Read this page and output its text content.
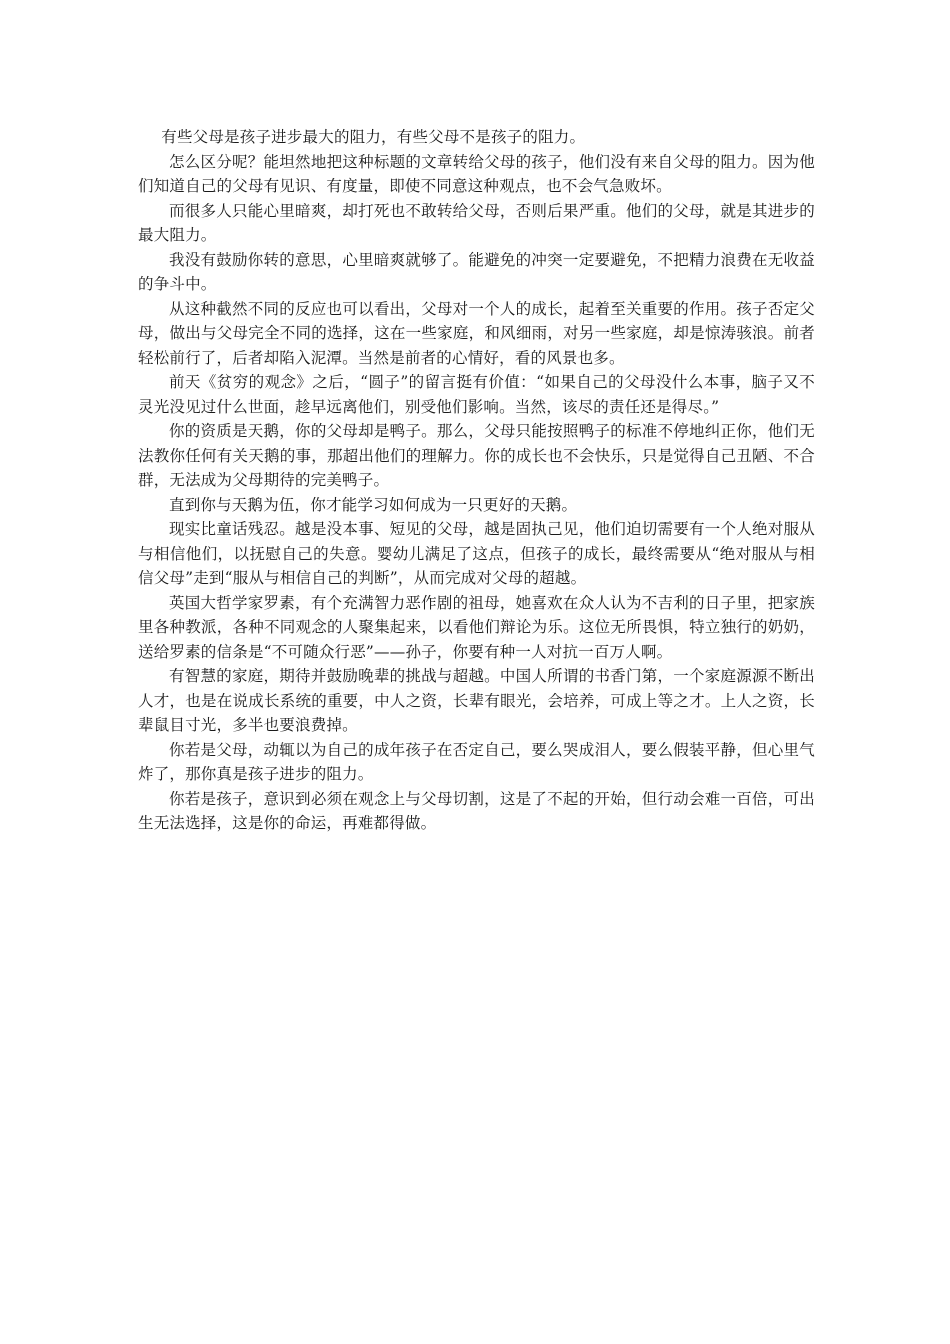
有些父母是孩子进步最大的阻力，有些父母不是孩子的阻力。

怎么区分呢？能坦然地把这种标题的文章转给父母的孩子，他们没有来自父母的阻力。因为他们知道自己的父母有见识、有度量，即使不同意这种观点，也不会气急败坏。

而很多人只能心里暗爽，却打死也不敢转给父母，否则后果严重。他们的父母，就是其进步的最大阻力。

我没有鼓励你转的意思，心里暗爽就够了。能避免的冲突一定要避免，不把精力浪费在无收益的争斗中。

从这种截然不同的反应也可以看出，父母对一个人的成长，起着至关重要的作用。孩子否定父母，做出与父母完全不同的选择，这在一些家庭，和风细雨，对另一些家庭，却是惊涛骇浪。前者轻松前行了，后者却陷入泥潭。当然是前者的心情好，看的风景也多。

前天《贫穷的观念》之后，“圆子”的留言挺有价值：“如果自己的父母没什么本事，脑子又不灵光没见过什么世面，趁早远离他们，别受他们影响。当然，该尽的责任还是得尽。”

你的资质是天鹅，你的父母却是鸭子。那么，父母只能按照鸭子的标准不停地纠正你，他们无法教你任何有关天鹅的事，那超出他们的理解力。你的成长也不会快乐，只是觉得自己丑陋、不合群，无法成为父母期待的完美鸭子。

直到你与天鹅为伍，你才能学习如何成为一只更好的天鹅。

现实比童话残忍。越是没本事、短见的父母，越是固执己见，他们迫切需要有一个人绝对服从与相信他们，以抚慰自己的失意。婴幼儿满足了这点，但孩子的成长，最终需要从“绝对服从与相信父母”走到“服从与相信自己的判断”，从而完成对父母的超越。

英国大哲学家罗素，有个充满智力恶作剧的祖母，她喜欢在众人认为不吉利的日子里，把家族里各种教派，各种不同观念的人聚集起来，以看他们辩论为乐。这位无所畏惧，特立独行的奶奶，送给罗素的信条是“不可随众行恶”——孙子，你要有种一人对抗一百万人啊。

有智慧的家庭，期待并鼓励晚辈的挑战与超越。中国人所谓的书香门第，一个家庭源源不断出人才，也是在说成长系统的重要，中人之资，长辈有眼光，会培养，可成上等之才。上人之资，长辈鼠目寸光，多半也要浪费掉。

你若是父母，动辄以为自己的成年孩子在否定自己，要么哭成泪人，要么假装平静，但心里气炸了，那你真是孩子进步的阻力。

你若是孩子，意识到必须在观念上与父母切割，这是了不起的开始，但行动会难一百倍，可出生无法选择，这是你的命运，再难都得做。
